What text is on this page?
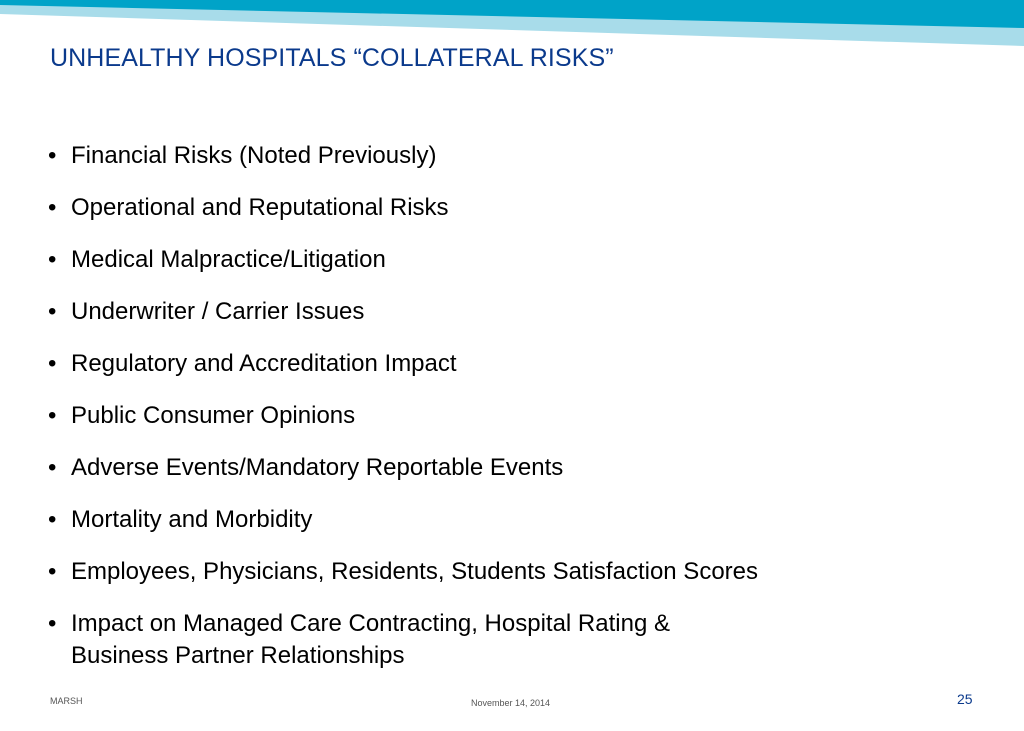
UNHEALTHY HOSPITALS “COLLATERAL RISKS”
• Financial Risks (Noted Previously)
• Operational and Reputational Risks
• Medical Malpractice/Litigation
• Underwriter / Carrier Issues
• Regulatory and Accreditation Impact
• Public Consumer Opinions
• Adverse Events/Mandatory Reportable Events
• Mortality and Morbidity
• Employees, Physicians, Residents, Students Satisfaction Scores
• Impact on Managed Care Contracting, Hospital Rating & Business Partner Relationships
MARSH	November 14, 2014	25
